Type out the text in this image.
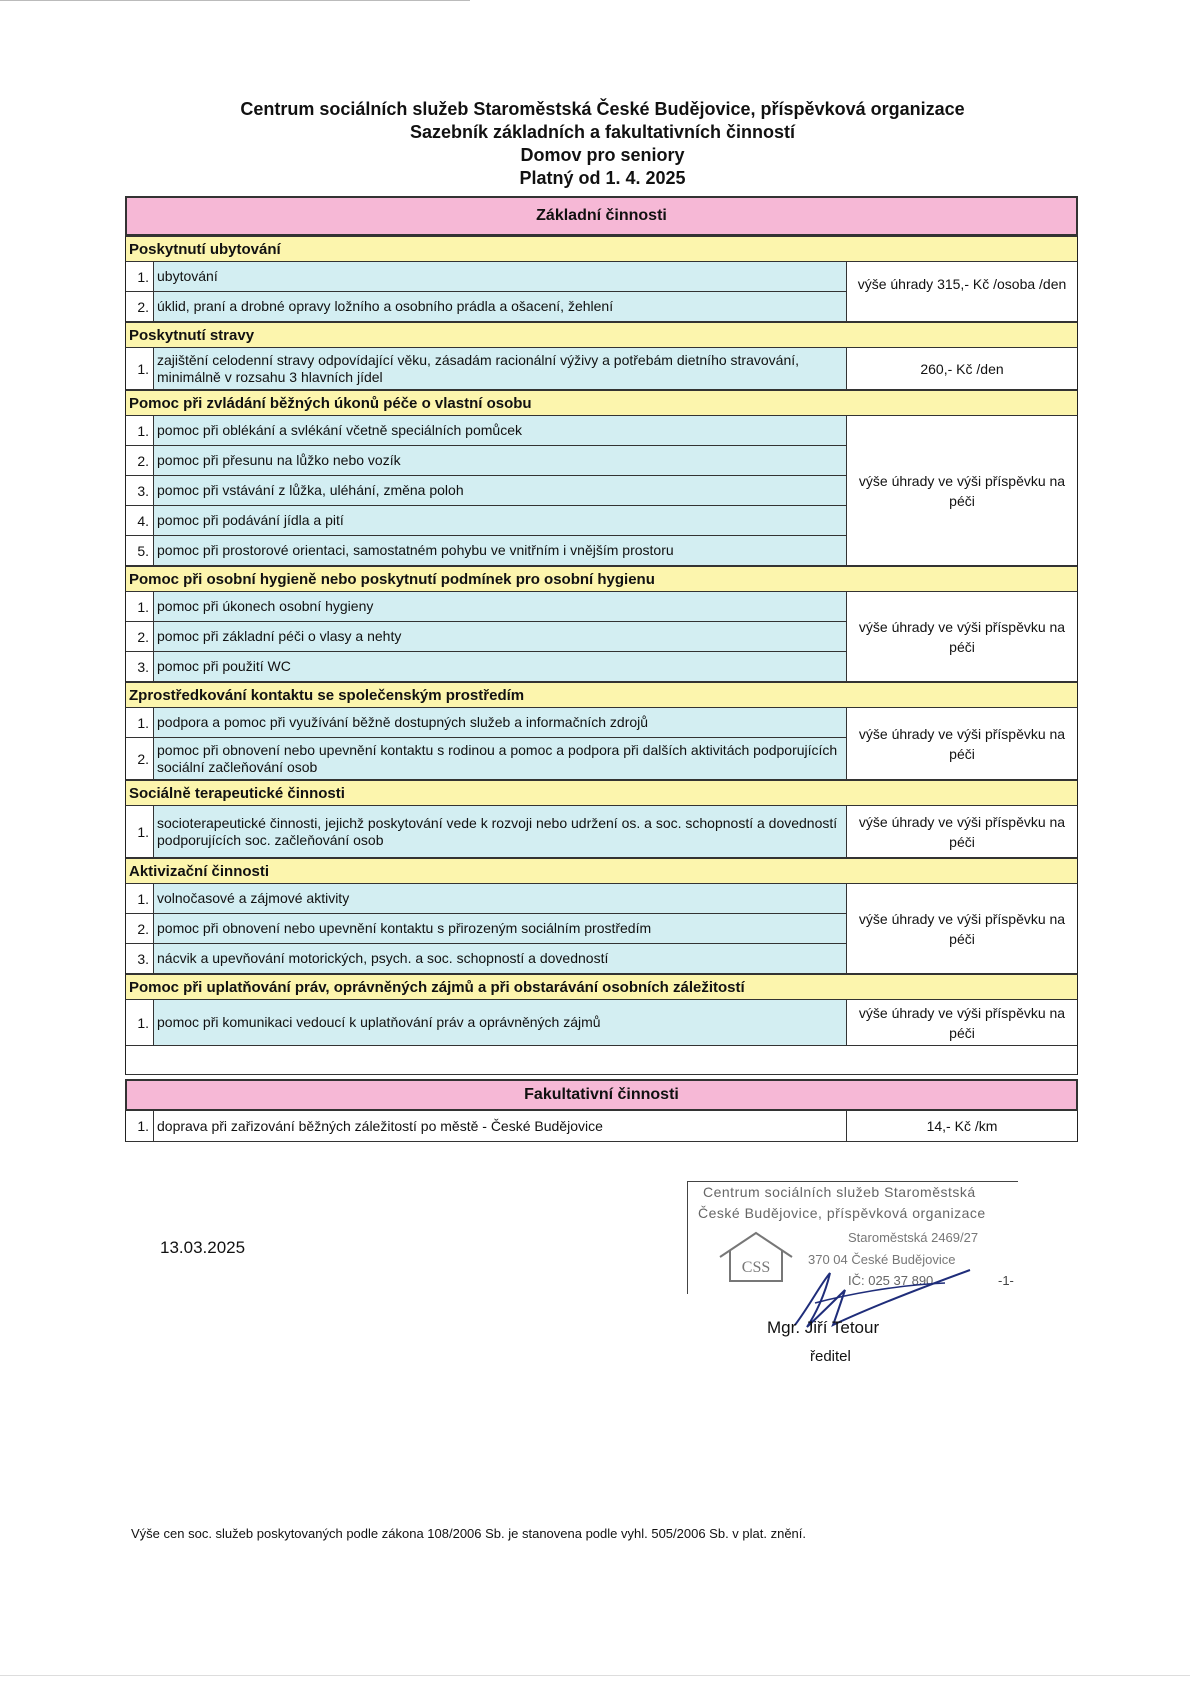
Centrum sociálních služeb Staroměstská České Budějovice, příspěvková organizace
Sazebník základních a fakultativních činností
Domov pro seniory
Platný od 1. 4. 2025
Základní činnosti
Poskytnutí ubytování
1. ubytování
2. úklid, praní a drobné opravy ložního a osobního prádla a ošacení, žehlení
výše úhrady 315,- Kč /osoba /den
Poskytnutí stravy
1.
zajištění celodenní stravy odpovídající věku, zásadám racionální výživy a potřebám dietního stravování, minimálně v rozsahu 3 hlavních jídel	260,- Kč /den
Pomoc při zvládání běžných úkonů péče o vlastní osobu
1. pomoc při oblékání a svlékání včetně speciálních pomůcek
2. pomoc při přesunu na lůžko nebo vozík
3. pomoc při vstávání z lůžka, uléhání, změna poloh
4. pomoc při podávání jídla a pití
5. pomoc při prostorové orientaci, samostatném pohybu ve vnitřním i vnějším prostoru
výše úhrady ve výši příspěvku na péči
Pomoc při osobní hygieně nebo poskytnutí podmínek pro osobní hygienu
1. pomoc při úkonech osobní hygieny
2. pomoc při základní péči o vlasy a nehty
3. pomoc při použití WC
výše úhrady ve výši příspěvku na péči
Zprostředkování kontaktu se společenským prostředím
1. podpora a pomoc při využívání běžně dostupných služeb a informačních zdrojů
2.
pomoc při obnovení nebo upevnění kontaktu s rodinou a pomoc a podpora při dalších aktivitách podporujících sociální začleňování osob
výše úhrady ve výši příspěvku na péči
Sociálně terapeutické činnosti
1.
socioterapeutické činnosti, jejichž poskytování vede k rozvoji nebo udržení os. a soc. schopností a dovedností podporujících soc. začleňování osob
výše úhrady ve výši příspěvku na péči
Aktivizační činnosti
1. volnočasové a zájmové aktivity
2. pomoc při obnovení nebo upevnění kontaktu s přirozeným sociálním prostředím
3. nácvik a upevňování motorických, psych. a soc. schopností a dovedností
výše úhrady ve výši příspěvku na péči
Pomoc při uplatňování práv, oprávněných zájmů a při obstarávání osobních záležitostí
1. pomoc při komunikaci vedoucí k uplatňování práv a oprávněných zájmů
výše úhrady ve výši příspěvku na péči
Fakultativní činnosti
1. doprava při zařizování běžných záležitostí po městě - České Budějovice	14,- Kč /km
13.03.2025
Centrum sociálních služeb Staroměstská
České Budějovice, příspěvková organizace
CSS
Staroměstská 2469/27
370 04 České Budějovice
IČ: 025 37 890	-1-
Mgr. Jiří Tetour
ředitel
Výše cen soc. služeb poskytovaných podle zákona 108/2006 Sb. je stanovena podle vyhl. 505/2006 Sb. v plat. znění.
